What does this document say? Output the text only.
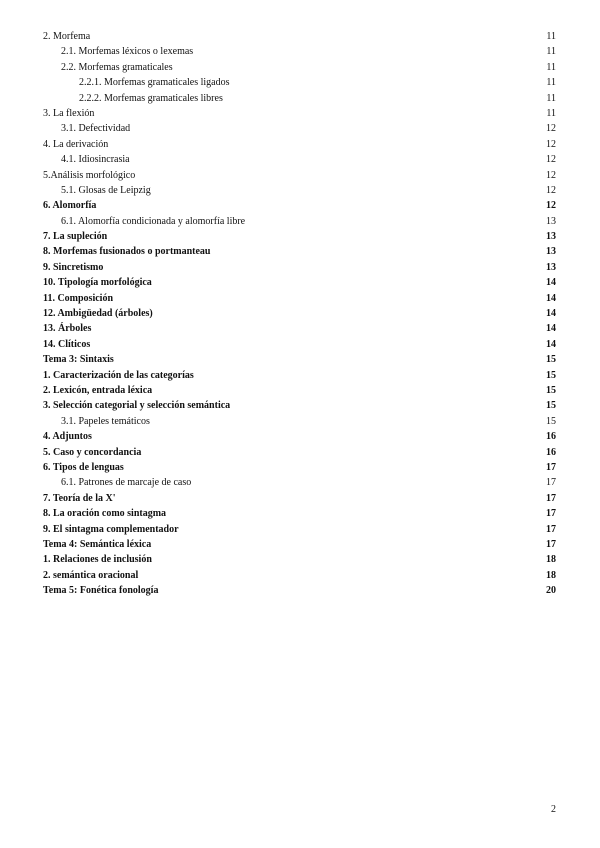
2. Morfema	11
2.1. Morfemas léxicos o lexemas	11
2.2. Morfemas gramaticales	11
2.2.1. Morfemas gramaticales ligados	11
2.2.2. Morfemas gramaticales libres	11
3. La flexión	11
3.1. Defectividad	12
4. La derivación	12
4.1. Idiosincrasia	12
5.Análisis morfológico	12
5.1. Glosas de Leipzig	12
6. Alomorfía	12
6.1. Alomorfía condicionada y alomorfía libre	13
7. La supleción	13
8. Morfemas fusionados o portmanteau	13
9. Sincretismo	13
10. Tipología morfológica	14
11. Composición	14
12. Ambigüedad (árboles)	14
13. Árboles	14
14. Clíticos	14
Tema 3: Sintaxis	15
1. Caracterización de las categorías	15
2. Lexicón, entrada léxica	15
3. Selección categorial y selección semántica	15
3.1. Papeles temáticos	15
4. Adjuntos	16
5. Caso y concordancia	16
6. Tipos de lenguas	17
6.1. Patrones de marcaje de caso	17
7. Teoría de la X'	17
8. La oración como sintagma	17
9. El sintagma complementador	17
Tema 4: Semántica léxica	17
1. Relaciones de inclusión	18
2. semántica oracional	18
Tema 5: Fonética fonología	20
2
